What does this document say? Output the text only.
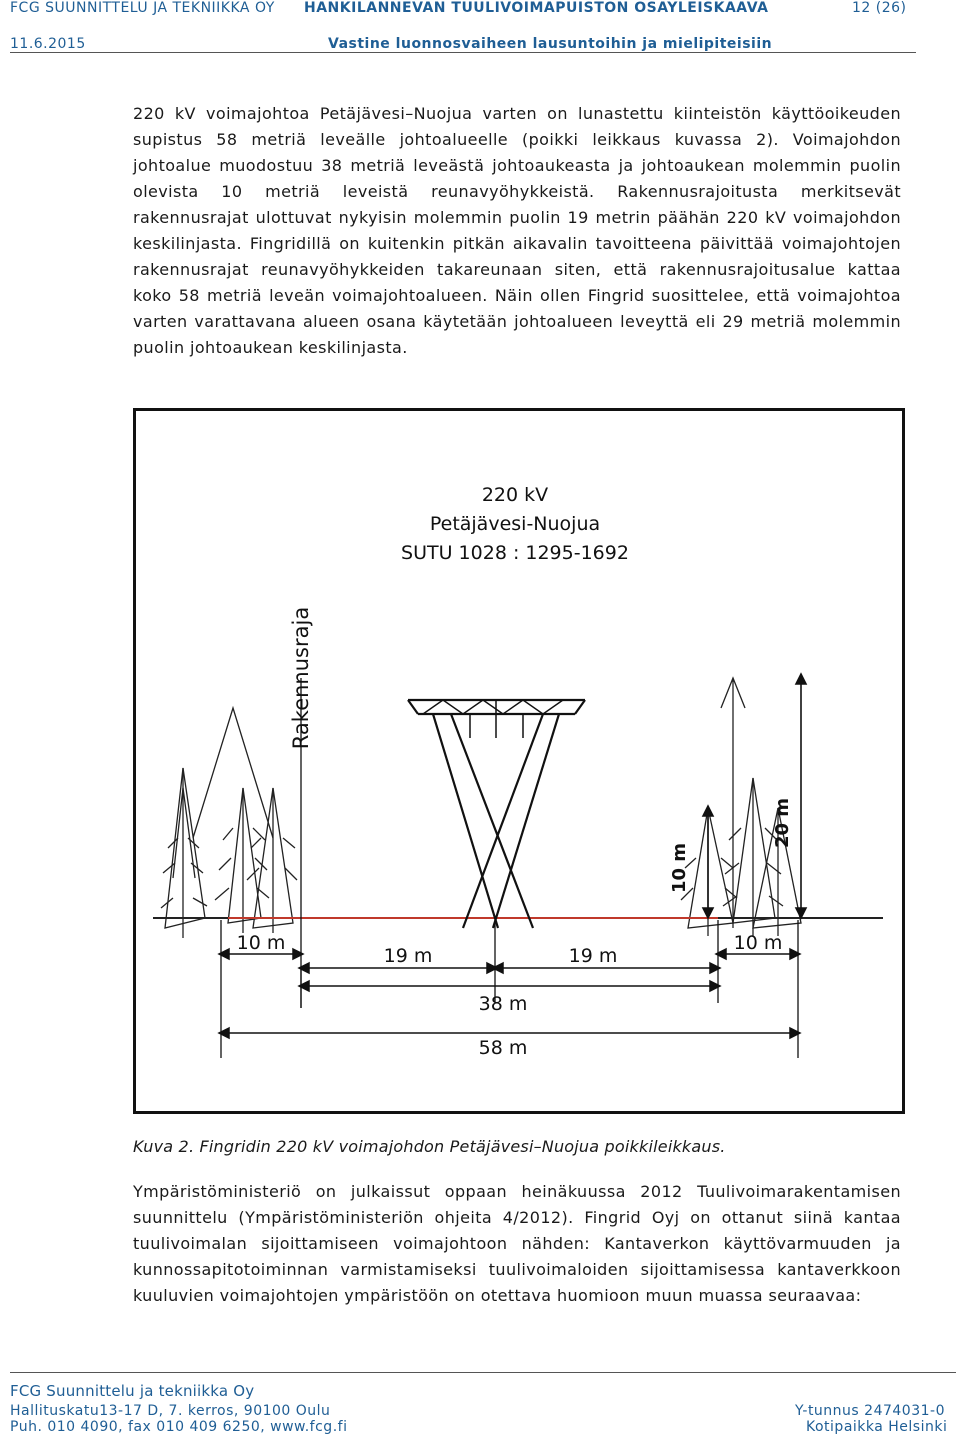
FCG SUUNNITTELU JA TEKNIIKKA OY HANKILANNEVAN TUULIVOIMAPUISTON OSAYLEISKAAVA	12 (26)
11.6.2015	Vastine luonnosvaiheen lausuntoihin ja mielipiteisiin

220 kV voimajohtoa Petäjävesi–Nuojua varten on lunastettu kiinteistön käyttöoikeuden supistus 58 metriä leveälle johtoalueelle (poikki leikkaus kuvassa 2). Voimajohdon johtoalue muodostuu 38 metriä leveästä johtoaukeasta ja johtoaukean molemmin puolin olevista 10 metriä leveistä reunavyöhykkeistä. Rakennusrajoitusta merkitsevät rakennusrajat ulottuvat nykyisin molemmin puolin 19 metrin päähän 220 kV voimajohdon keskilinjasta. Fingridillä on kuitenkin pitkän aikavalin tavoitteena päivittää voimajohtojen rakennusrajat reunavyöhykkeiden takareunaan siten, että rakennusrajoitusalue kattaa koko 58 metriä leveän voimajohtoalueen. Näin ollen Fingrid suosittelee, että voimajohtoa varten varattavana alueen osana käytetään johtoalueen leveyttä eli 29 metriä molemmin puolin johtoaukean keskilinjasta.

220 kV
Petäjävesi-Nuojua
SUTU 1028 : 1295-1692
Rakennusraja
10 m
20 m
10 m
19 m	19 m
10 m
38 m
58 m

Kuva 2. Fingridin 220 kV voimajohdon Petäjävesi–Nuojua poikkileikkaus.

Ympäristöministeriö on julkaissut oppaan heinäkuussa 2012 Tuulivoimarakentamisen suunnittelu (Ympäristöministeriön ohjeita 4/2012). Fingrid Oyj on ottanut siinä kantaa tuulivoimalan sijoittamiseen voimajohtoon nähden: Kantaverkon käyttövarmuuden ja kunnossapitotoiminnan varmistamiseksi tuulivoimaloiden sijoittamisessa kantaverkkoon kuuluvien voimajohtojen ympäristöön on otettava huomioon muun muassa seuraavaa:

FCG Suunnittelu ja tekniikka Oy
Hallituskatu13-17 D, 7. kerros, 90100 Oulu
Puh. 010 4090, fax 010 409 6250, www.fcg.fi
Y-tunnus 2474031-0
Kotipaikka Helsinki
